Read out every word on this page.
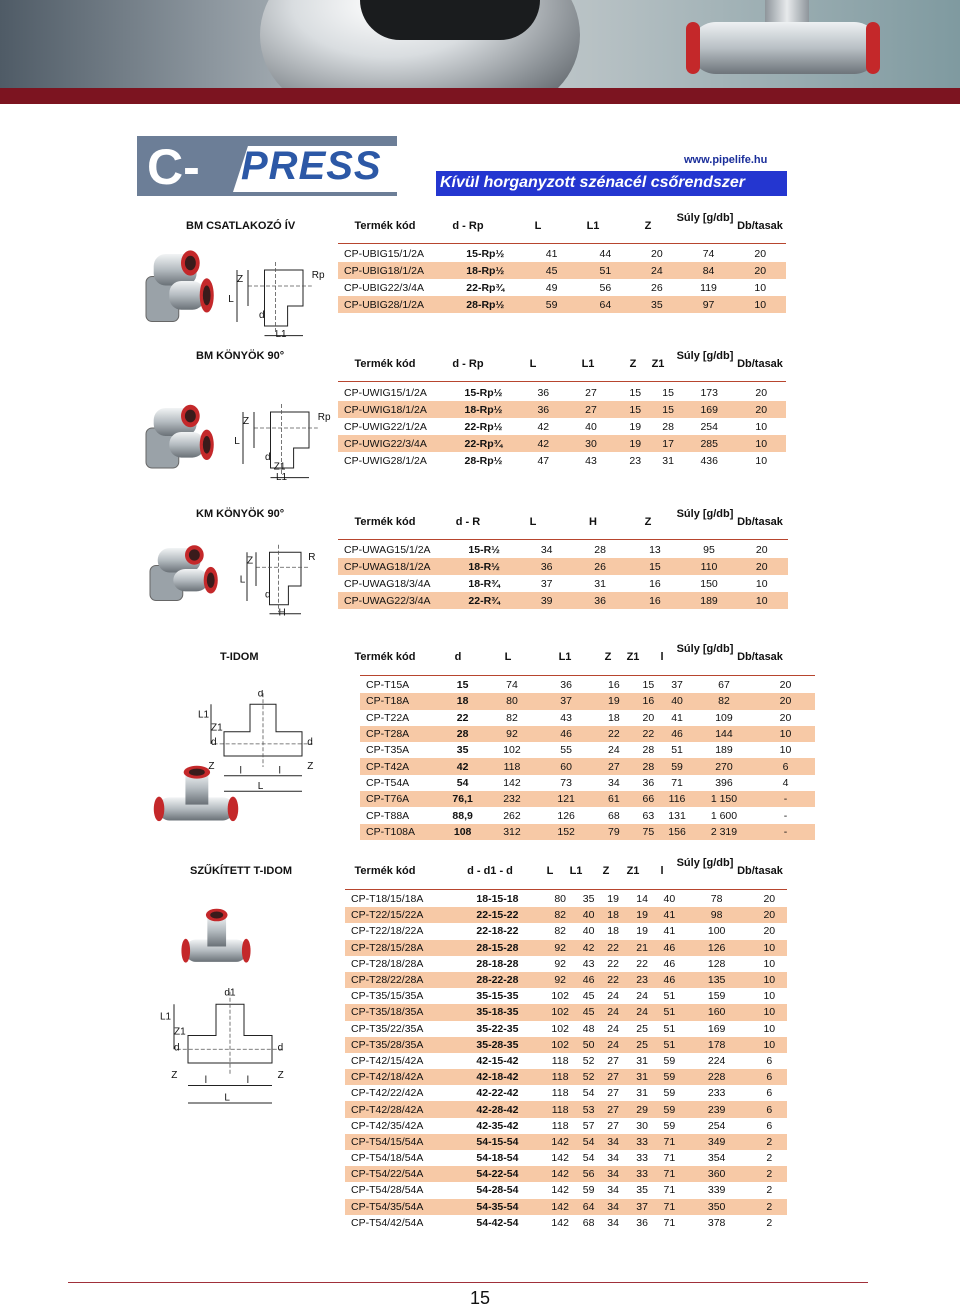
C- PRESS	www.pipelife.hu
Kívül horganyzott szénacél csőrendszer
BM CSATLAKOZÓ ÍV	Termék kód	d - Rp	L	L1	Z
Súly [g/db]
Db/tasak
CP-UBIG15/1/2A	15-Rp½	41	44	20	74	20
CP-UBIG18/1/2A	18-Rp½	45	51	24	84	20
CP-UBIG22/3/4A	22-Rp¾	49	56	26	119	10
CP-UBIG28/1/2A	28-Rp½	59	64	35	97	10
BM KÖNYÖK 90°
Termék kód	d - Rp	L	L1	Z	Z1
Súly [g/db]
Db/tasak
CP-UWIG15/1/2A	15-Rp½	36	27	15	15	173	20
CP-UWIG18/1/2A	18-Rp½	36	27	15	15	169	20
CP-UWIG22/1/2A	22-Rp½	42	40	19	28	254	10
CP-UWIG22/3/4A	22-Rp¾	42	30	19	17	285	10
CP-UWIG28/1/2A	28-Rp½	47	43	23	31	436	10
KM KÖNYÖK 90°
Termék kód	d - R	L	H	Z
Súly [g/db]
Db/tasak
CP-UWAG15/1/2A	15-R½	34	28	13	95	20
CP-UWAG18/1/2A	18-R½	36	26	15	110	20
CP-UWAG18/3/4A	18-R¾	37	31	16	150	10
CP-UWAG22/3/4A	22-R¾	39	36	16	189	10
T-IDOM	Termék kód	d	L	L1	Z	Z1	l
Súly [g/db]
Db/tasak
CP-T15A	15	74	36	16	15	37	67	20
CP-T18A	18	80	37	19	16	40	82	20
CP-T22A	22	82	43	18	20	41	109	20
CP-T28A	28	92	46	22	22	46	144	10
CP-T35A	35	102	55	24	28	51	189	10
CP-T42A	42	118	60	27	28	59	270	6
CP-T54A	54	142	73	34	36	71	396	4
CP-T76A	76,1	232	121	61	66	116	1 150	-
CP-T88A	88,9	262	126	68	63	131	1 600	-
CP-T108A	108	312	152	79	75	156	2 319	-
SZŰKÍTETT T-IDOM	Termék kód	d - d1 - d	L	L1	Z	Z1	l
Súly [g/db]
Db/tasak
CP-T18/15/18A	18-15-18	80	35	19	14	40	78	20
CP-T22/15/22A	22-15-22	82	40	18	19	41	98	20
CP-T22/18/22A	22-18-22	82	40	18	19	41	100	20
CP-T28/15/28A	28-15-28	92	42	22	21	46	126	10
CP-T28/18/28A	28-18-28	92	43	22	22	46	128	10
CP-T28/22/28A	28-22-28	92	46	22	23	46	135	10
CP-T35/15/35A	35-15-35	102	45	24	24	51	159	10
CP-T35/18/35A	35-18-35	102	45	24	24	51	160	10
CP-T35/22/35A	35-22-35	102	48	24	25	51	169	10
CP-T35/28/35A	35-28-35	102	50	24	25	51	178	10
CP-T42/15/42A	42-15-42	118	52	27	31	59	224	6
CP-T42/18/42A	42-18-42	118	52	27	31	59	228	6
CP-T42/22/42A	42-22-42	118	54	27	31	59	233	6
CP-T42/28/42A	42-28-42	118	53	27	29	59	239	6
CP-T42/35/42A	42-35-42	118	57	27	30	59	254	6
CP-T54/15/54A	54-15-54	142	54	34	33	71	349	2
CP-T54/18/54A	54-18-54	142	54	34	33	71	354	2
CP-T54/22/54A	54-22-54	142	56	34	33	71	360	2
CP-T54/28/54A	54-28-54	142	59	34	35	71	339	2
CP-T54/35/54A	54-35-54	142	64	34	37	71	350	2
CP-T54/42/54A	54-42-54	142	68	34	36	71	378	2
15
Z
L
Rp
d
L1
Z
L
Rp
d
Z1
L1
Z
L
R
d
H
d
L1
Z1
d	d
Z	l	l	Z
L
d1
L1
Z1
d	d
Z	l	l	Z
L
